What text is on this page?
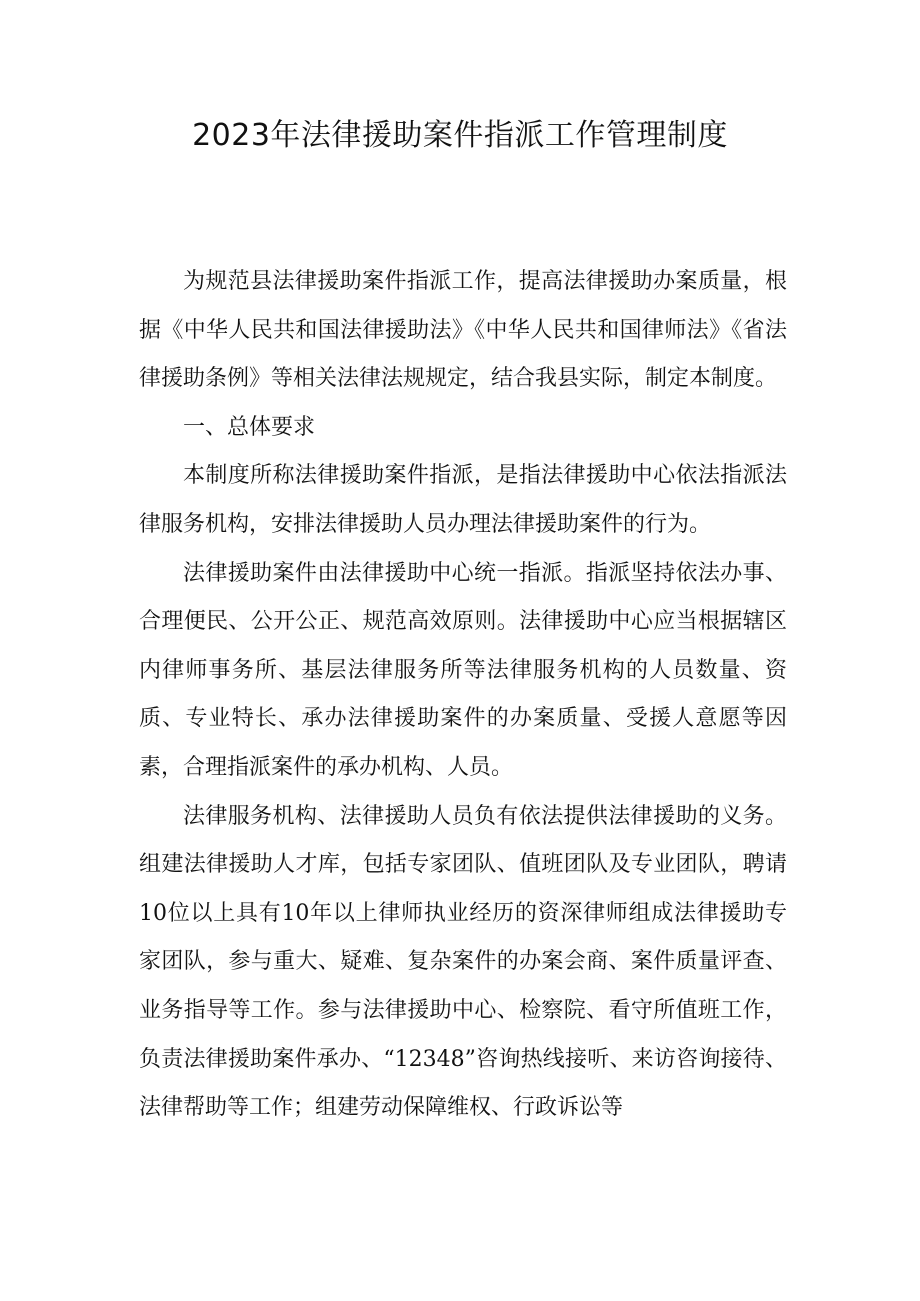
2023年法律援助案件指派工作管理制度

为规范县法律援助案件指派工作，提高法律援助办案质量，根据《中华人民共和国法律援助法》《中华人民共和国律师法》《省法律援助条例》等相关法律法规规定，结合我县实际，制定本制度。

一、总体要求

本制度所称法律援助案件指派，是指法律援助中心依法指派法律服务机构，安排法律援助人员办理法律援助案件的行为。

法律援助案件由法律援助中心统一指派。指派坚持依法办事、合理便民、公开公正、规范高效原则。法律援助中心应当根据辖区内律师事务所、基层法律服务所等法律服务机构的人员数量、资质、专业特长、承办法律援助案件的办案质量、受援人意愿等因素，合理指派案件的承办机构、人员。

法律服务机构、法律援助人员负有依法提供法律援助的义务。组建法律援助人才库，包括专家团队、值班团队及专业团队，聘请10位以上具有10年以上律师执业经历的资深律师组成法律援助专家团队，参与重大、疑难、复杂案件的办案会商、案件质量评查、业务指导等工作。参与法律援助中心、检察院、看守所值班工作，负责法律援助案件承办、“12348”咨询热线接听、来访咨询接待、法律帮助等工作；组建劳动保障维权、行政诉讼等
